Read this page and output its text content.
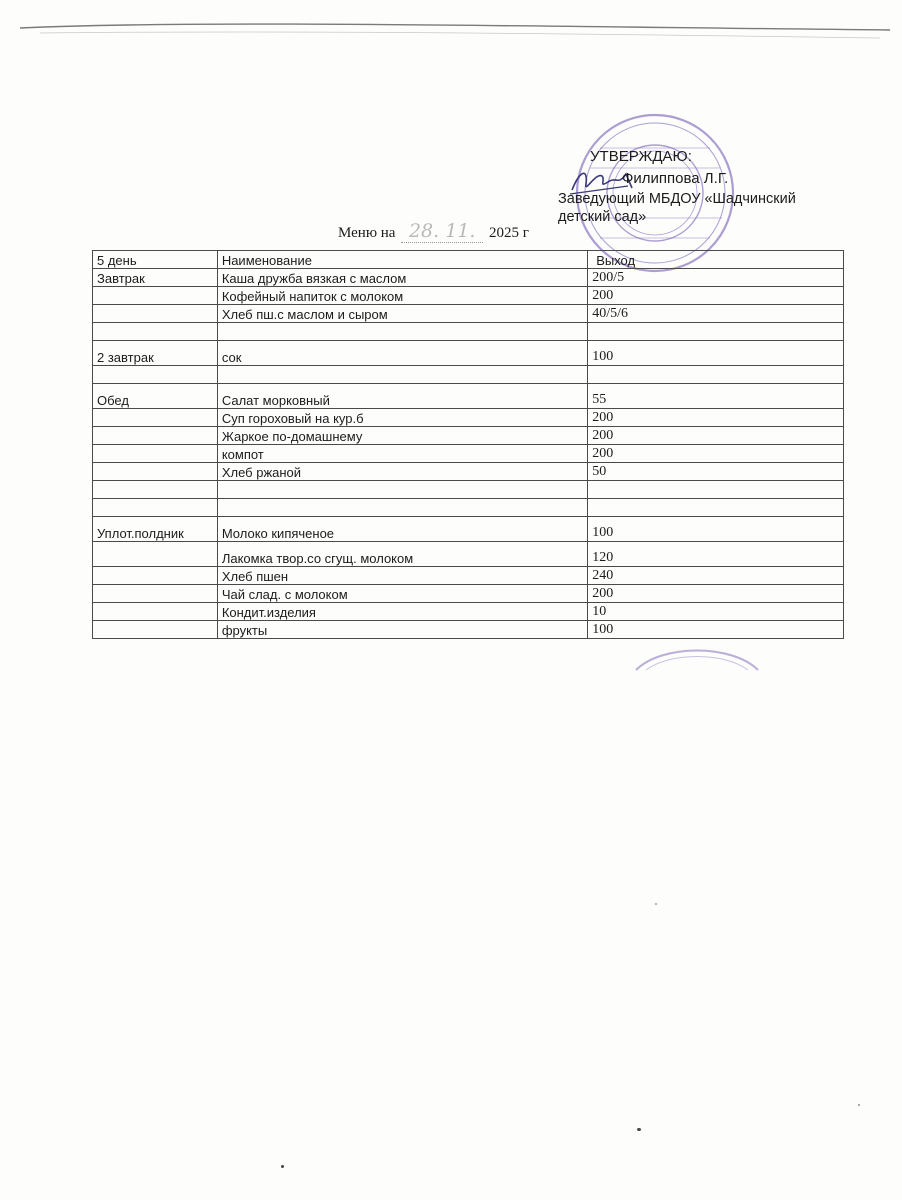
УТВЕРЖДАЮ:
Филиппова Л.Г.
Заведующий МБДОУ «Шадчинский
детский сад»
Меню на 28. 11. 2025 г
5 день	Наименование	Выход
Завтрак	Каша дружба вязкая с маслом	200/5
	Кофейный напиток с молоком	200
	Хлеб пш.с маслом и сыром	40/5/6

2 завтрак	сок	100

Обед	Салат морковный	55
	Суп гороховый на кур.б	200
	Жаркое по-домашнему	200
	компот	200
	Хлеб ржаной	50

Уплот.полдник	Молоко кипяченое	100
	Лакомка твор.со сгущ. молоком	120
	Хлеб пшен	240
	Чай слад. с молоком	200
	Кондит.изделия	10
	фрукты	100
